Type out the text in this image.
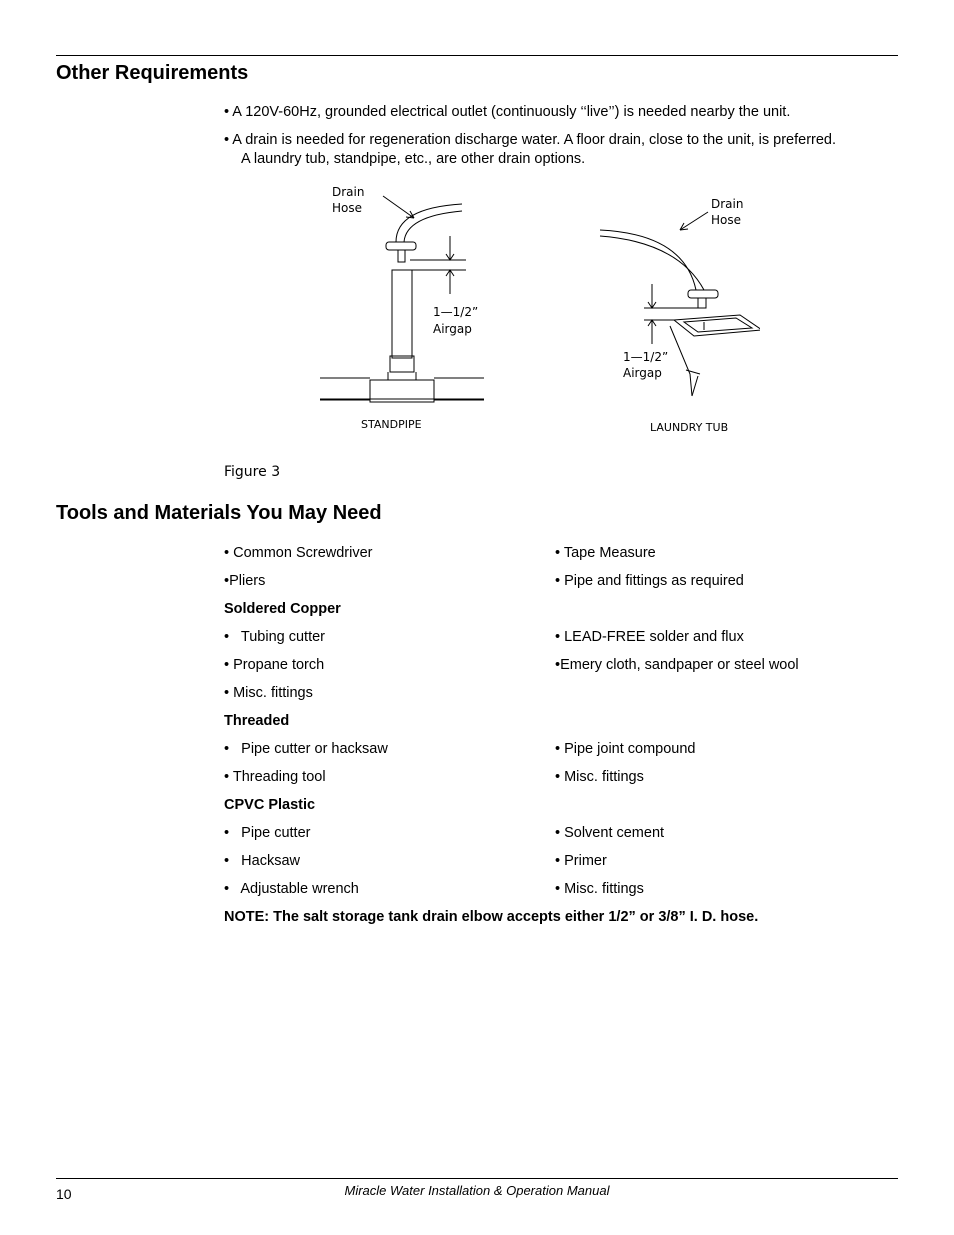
Other Requirements

• A 120V-60Hz, grounded electrical outlet (continuously ‘‘live’’) is needed nearby the unit.

• A drain is needed for regeneration discharge water. A floor drain, close to the unit, is preferred.

A laundry tub, standpipe, etc., are other drain options.

Drain
Hose
1—1/2”
Airgap
STANDPIPE
Drain
Hose
1—1/2”
Airgap
LAUNDRY TUB
Figure 3
Tools and Materials You May Need

• Common Screwdriver	• Tape Measure

•Pliers	• Pipe and fittings as required

Soldered Copper

•   Tubing cutter	• LEAD-FREE solder and flux

• Propane torch	•Emery cloth, sandpaper or steel wool

• Misc. fittings

Threaded

•   Pipe cutter or hacksaw	• Pipe joint compound

• Threading tool	• Misc. fittings

CPVC Plastic

•   Pipe cutter	• Solvent cement

•   Hacksaw	• Primer

•   Adjustable wrench	• Misc. fittings

NOTE: The salt storage tank drain elbow accepts either 1/2” or 3/8” I. D. hose.

10	Miracle Water Installation & Operation Manual
